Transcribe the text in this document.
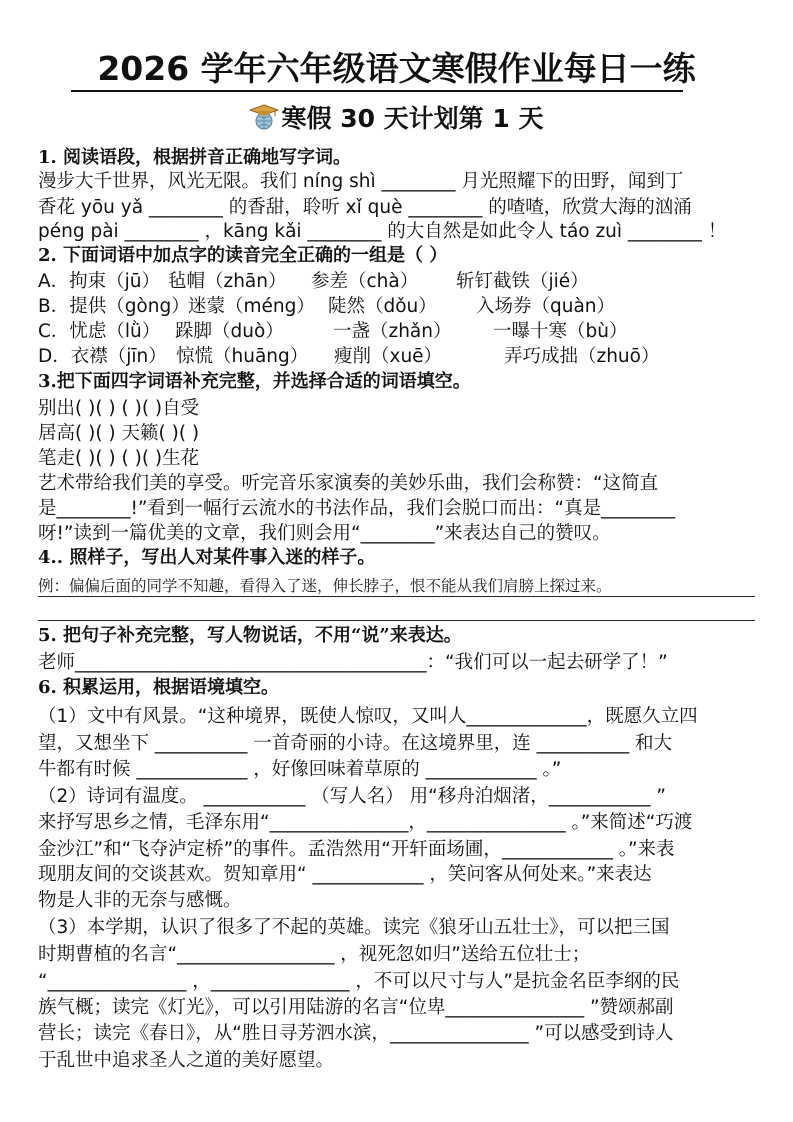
2026 学年六年级语文寒假作业每日一练
寒假 30 天计划第 1 天
1. 阅读语段，根据拼音正确地写字词。
漫步大千世界，风光无限。我们 níng shì ________ 月光照耀下的田野，闻到丁
香花 yōu yǎ ________ 的香甜，聆听 xǐ què ________ 的喳喳，欣赏大海的汹涌
péng pài ________ ，kāng kǎi ________ 的大自然是如此令人 táo zuì ________ ！
2. 下面词语中加点字的读音完全正确的一组是（ ）
A．拘束（jū） 毡帽（zhān） 参差（chà） 斩钉截铁（jié）
B．提供（gòng）迷蒙（méng） 陡然（dǒu） 入场券（quàn）
C．忧虑（lǜ） 跺脚（duò）	一盏（zhǎn） 一曝十寒（bù）
D．衣襟（jīn） 惊慌（huāng） 瘦削（xuē）	弄巧成拙（zhuō）
3.把下面四字词语补充完整，并选择合适的词语填空。
别出( )( ) ( )( )自受
居高( )( ) 天籁( )( )
笔走( )( ) ( )( )生花
艺术带给我们美的享受。听完音乐家演奏的美妙乐曲，我们会称赞：“这简直
是________!”看到一幅行云流水的书法作品，我们会脱口而出：“真是________
呀!”读到一篇优美的文章，我们则会用“________”来表达自己的赞叹。
4.. 照样子，写出人对某件事入迷的样子。
例：偏偏后面的同学不知趣，看得入了迷，伸长脖子，恨不能从我们肩膀上探过来。
5. 把句子补充完整，写人物说话，不用“说”来表达。
老师______________________________________：“我们可以一起去研学了！”
6. 积累运用，根据语境填空。
（1）文中有风景。“这种境界，既使人惊叹，又叫人_____________，既愿久立四
望，又想坐下 __________ 一首奇丽的小诗。在这境界里，连 __________ 和大
牛都有时候 ____________ ，好像回味着草原的 ____________ 。”
（2）诗词有温度。 ___________ （写人名） 用“移舟泊烟渚，___________ ”
来抒写思乡之情，毛泽东用“_______________，_______________ 。”来简述“巧渡
金沙江”和“飞夺泸定桥”的事件。孟浩然用“开轩面场圃，____________ 。”来表
现朋友间的交谈甚欢。贺知章用“ ____________ ，笑问客从何处来。”来表达
物是人非的无奈与感慨。
（3）本学期，认识了很多了不起的英雄。读完《狼牙山五壮士》，可以把三国
时期曹植的名言“_________________ ，视死忽如归”送给五位壮士；
“_______________ ，_______________ ，不可以尺寸与人”是抗金名臣李纲的民
族气概；读完《灯光》，可以引用陆游的名言“位卑_______________ ”赞颂郝副
营长；读完《春日》，从“胜日寻芳泗水滨，_______________ ”可以感受到诗人
于乱世中追求圣人之道的美好愿望。
